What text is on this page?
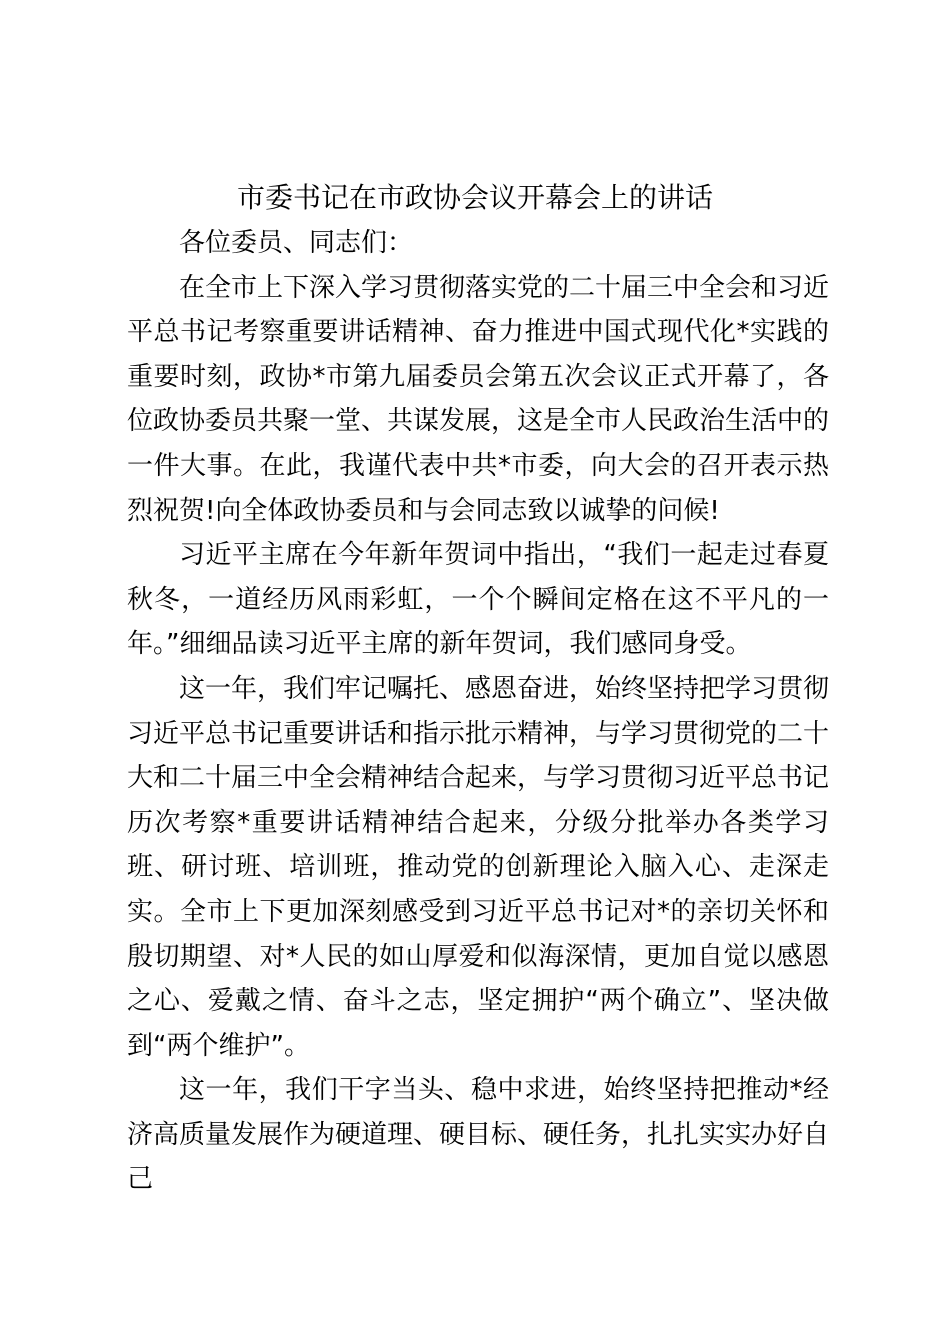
市委书记在市政协会议开幕会上的讲话

各位委员、同志们：

在全市上下深入学习贯彻落实党的二十届三中全会和习近平总书记考察重要讲话精神、奋力推进中国式现代化*实践的重要时刻，政协*市第九届委员会第五次会议正式开幕了，各位政协委员共聚一堂、共谋发展，这是全市人民政治生活中的一件大事。在此，我谨代表中共*市委，向大会的召开表示热烈祝贺!向全体政协委员和与会同志致以诚挚的问候!

习近平主席在今年新年贺词中指出，“我们一起走过春夏秋冬，一道经历风雨彩虹，一个个瞬间定格在这不平凡的一年。”细细品读习近平主席的新年贺词，我们感同身受。

这一年，我们牢记嘱托、感恩奋进，始终坚持把学习贯彻习近平总书记重要讲话和指示批示精神，与学习贯彻党的二十大和二十届三中全会精神结合起来，与学习贯彻习近平总书记历次考察*重要讲话精神结合起来，分级分批举办各类学习班、研讨班、培训班，推动党的创新理论入脑入心、走深走实。全市上下更加深刻感受到习近平总书记对*的亲切关怀和殷切期望、对*人民的如山厚爱和似海深情，更加自觉以感恩之心、爱戴之情、奋斗之志，坚定拥护“两个确立”、坚决做到“两个维护”。

这一年，我们干字当头、稳中求进，始终坚持把推动*经济高质量发展作为硬道理、硬目标、硬任务，扎扎实实办好自己
